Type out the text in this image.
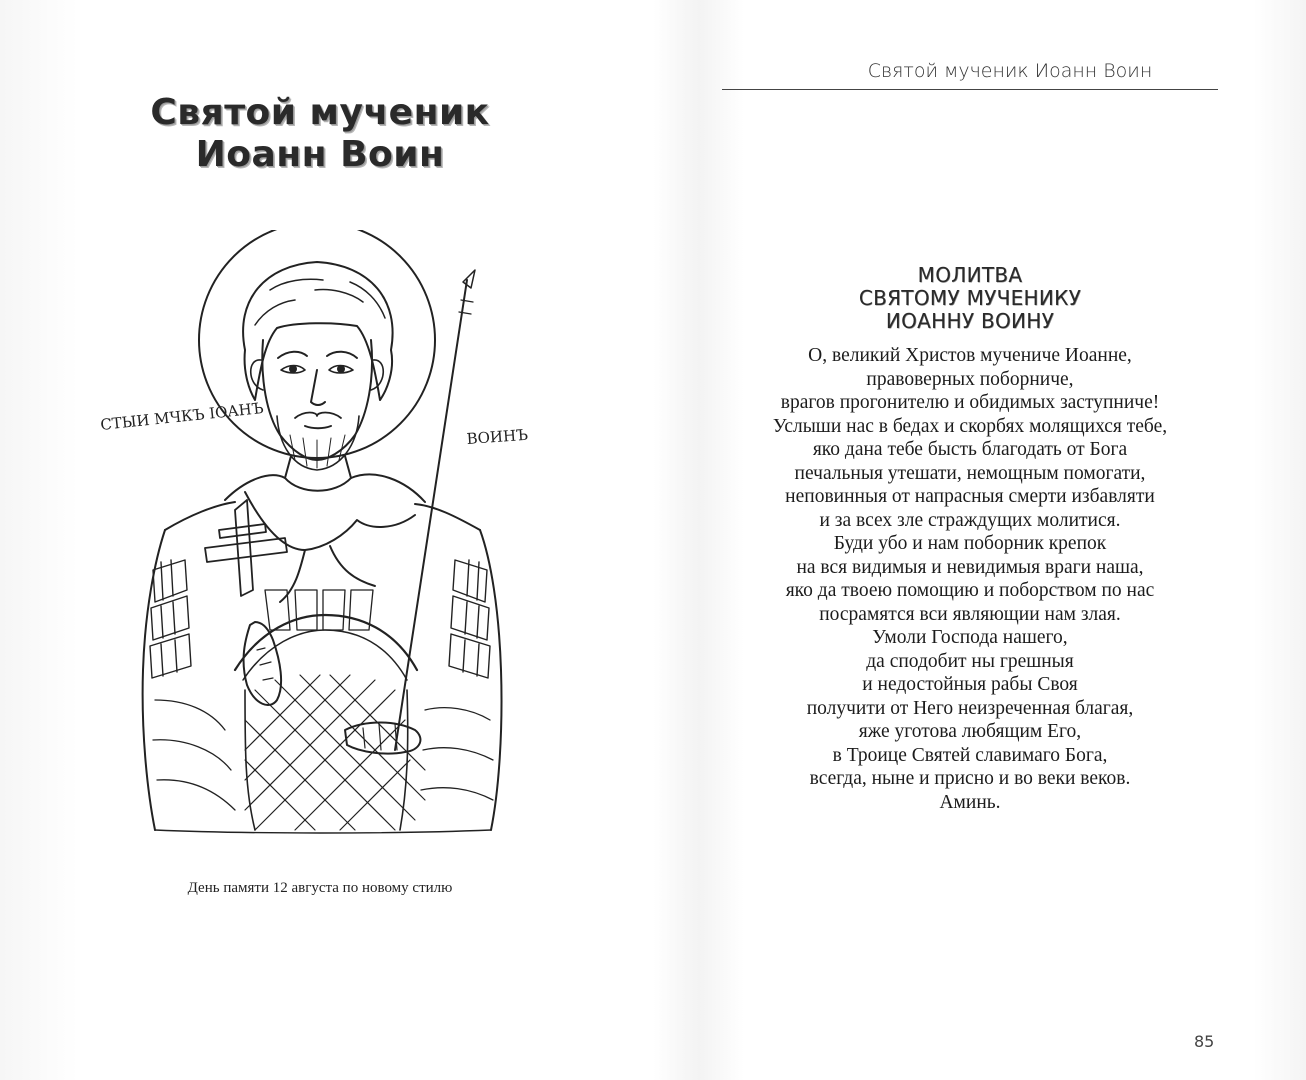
Святой мученик
Иоанн Воин
СТЫИ МЧКЪ ІОАНЪ
ВОИНЪ
День памяти 12 августа по новому стилю
Святой мученик Иоанн Воин
МОЛИТВА
СВЯТОМУ МУЧЕНИКУ
ИОАННУ ВОИНУ
О, великий Христов мучениче Иоанне,
правоверных поборниче,
врагов прогонителю и обидимых заступниче!
Услыши нас в бедах и скорбях молящихся тебе,
яко дана тебе бысть благодать от Бога
печальныя утешати, немощным помогати,
неповинныя от напрасныя смерти избавляти
и за всех зле страждущих молитися.
Буди убо и нам поборник крепок
на вся видимыя и невидимыя враги наша,
яко да твоею помощию и поборством по нас
посрамятся вси являющии нам злая.
Умоли Господа нашего,
да сподобит ны грешныя
и недостойныя рабы Своя
получити от Него неизреченная благая,
яже уготова любящим Его,
в Троице Святей славимаго Бога,
всегда, ныне и присно и во веки веков.
Аминь.
85
